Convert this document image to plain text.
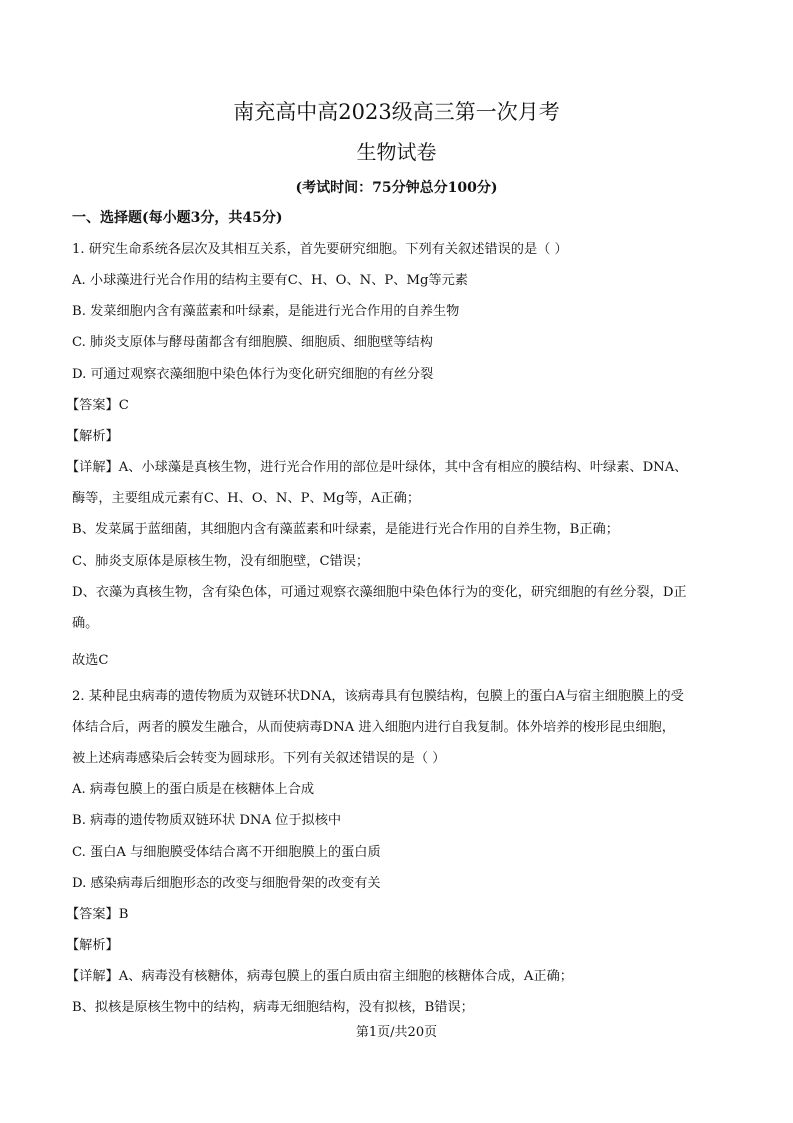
南充高中高2023级高三第一次月考
生物试卷
(考试时间：75分钟总分100分)
一、选择题(每小题3分，共45分)
1. 研究生命系统各层次及其相互关系，首先要研究细胞。下列有关叙述错误的是（ ）
A. 小球藻进行光合作用的结构主要有C、H、O、N、P、Mg等元素
B. 发菜细胞内含有藻蓝素和叶绿素，是能进行光合作用的自养生物
C. 肺炎支原体与酵母菌都含有细胞膜、细胞质、细胞壁等结构
D. 可通过观察衣藻细胞中染色体行为变化研究细胞的有丝分裂
【答案】C
【解析】
【详解】A、小球藻是真核生物，进行光合作用的部位是叶绿体，其中含有相应的膜结构、叶绿素、DNA、
酶等，主要组成元素有C、H、O、N、P、Mg等，A正确；
B、发菜属于蓝细菌，其细胞内含有藻蓝素和叶绿素，是能进行光合作用的自养生物，B正确；
C、肺炎支原体是原核生物，没有细胞壁，C错误；
D、衣藻为真核生物，含有染色体，可通过观察衣藻细胞中染色体行为的变化，研究细胞的有丝分裂，D正
确。
故选C
2. 某种昆虫病毒的遗传物质为双链环状DNA，该病毒具有包膜结构，包膜上的蛋白A与宿主细胞膜上的受
体结合后，两者的膜发生融合，从而使病毒DNA 进入细胞内进行自我复制。体外培养的梭形昆虫细胞，
被上述病毒感染后会转变为圆球形。下列有关叙述错误的是（ ）
A. 病毒包膜上的蛋白质是在核糖体上合成
B. 病毒的遗传物质双链环状 DNA 位于拟核中
C. 蛋白A 与细胞膜受体结合离不开细胞膜上的蛋白质
D. 感染病毒后细胞形态的改变与细胞骨架的改变有关
【答案】B
【解析】
【详解】A、病毒没有核糖体，病毒包膜上的蛋白质由宿主细胞的核糖体合成，A正确；
B、拟核是原核生物中的结构，病毒无细胞结构，没有拟核，B错误；
第1页/共20页
